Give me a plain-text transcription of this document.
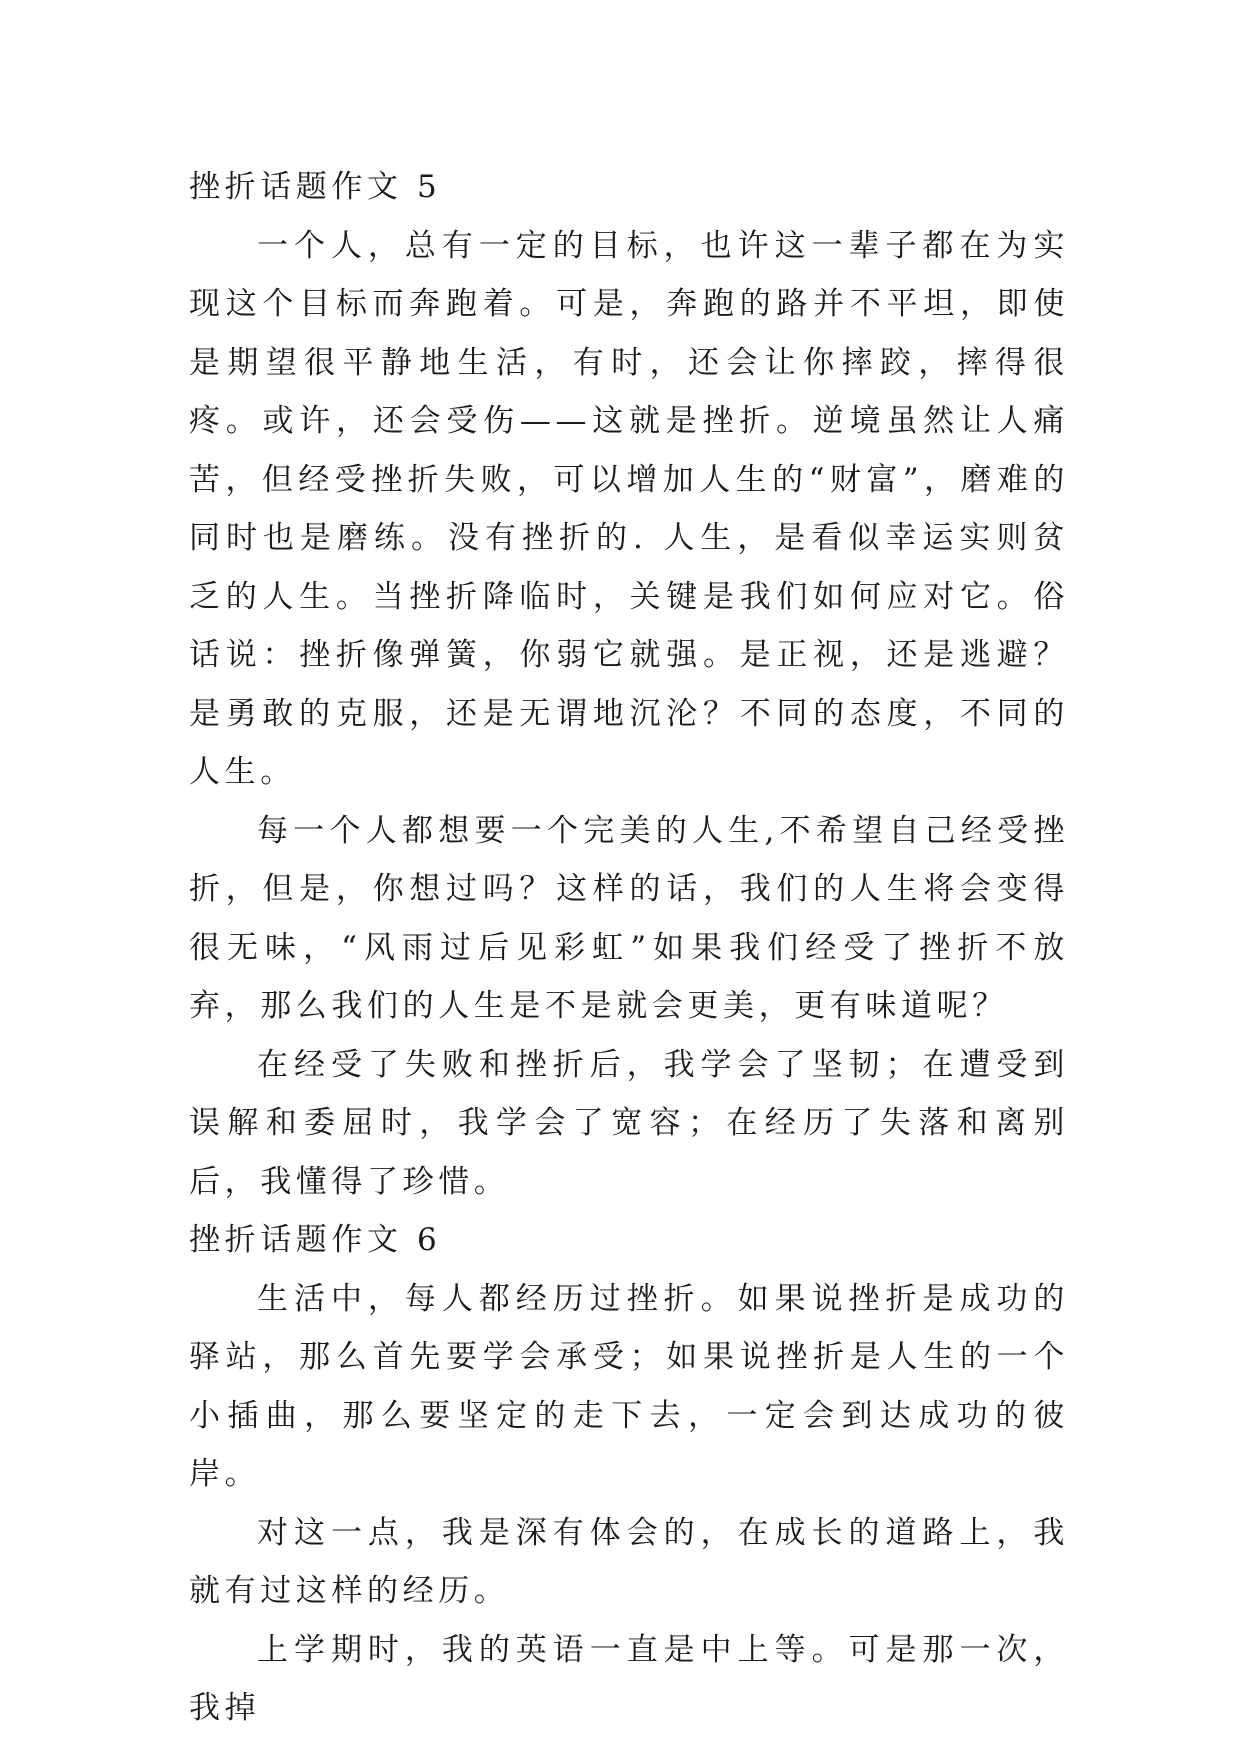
挫折话题作文 5

一个人，总有一定的目标，也许这一辈子都在为实现这个目标而奔跑着。可是，奔跑的路并不平坦，即使是期望很平静地生活，有时，还会让你摔跤，摔得很疼。或许，还会受伤——这就是挫折。逆境虽然让人痛苦，但经受挫折失败，可以增加人生的“财富”，磨难的同时也是磨练。没有挫折的. 人生，是看似幸运实则贫乏的人生。当挫折降临时，关键是我们如何应对它。俗话说：挫折像弹簧，你弱它就强。是正视，还是逃避？是勇敢的克服，还是无谓地沉沦？不同的态度，不同的人生。

每一个人都想要一个完美的人生,不希望自己经受挫折，但是，你想过吗？这样的话，我们的人生将会变得很无味，“风雨过后见彩虹”如果我们经受了挫折不放弃，那么我们的人生是不是就会更美，更有味道呢？

在经受了失败和挫折后，我学会了坚韧；在遭受到误解和委屈时，我学会了宽容；在经历了失落和离别后，我懂得了珍惜。

挫折话题作文 6

生活中，每人都经历过挫折。如果说挫折是成功的驿站，那么首先要学会承受；如果说挫折是人生的一个小插曲，那么要坚定的走下去，一定会到达成功的彼岸。

对这一点，我是深有体会的，在成长的道路上，我就有过这样的经历。

上学期时，我的英语一直是中上等。可是那一次，我掉
